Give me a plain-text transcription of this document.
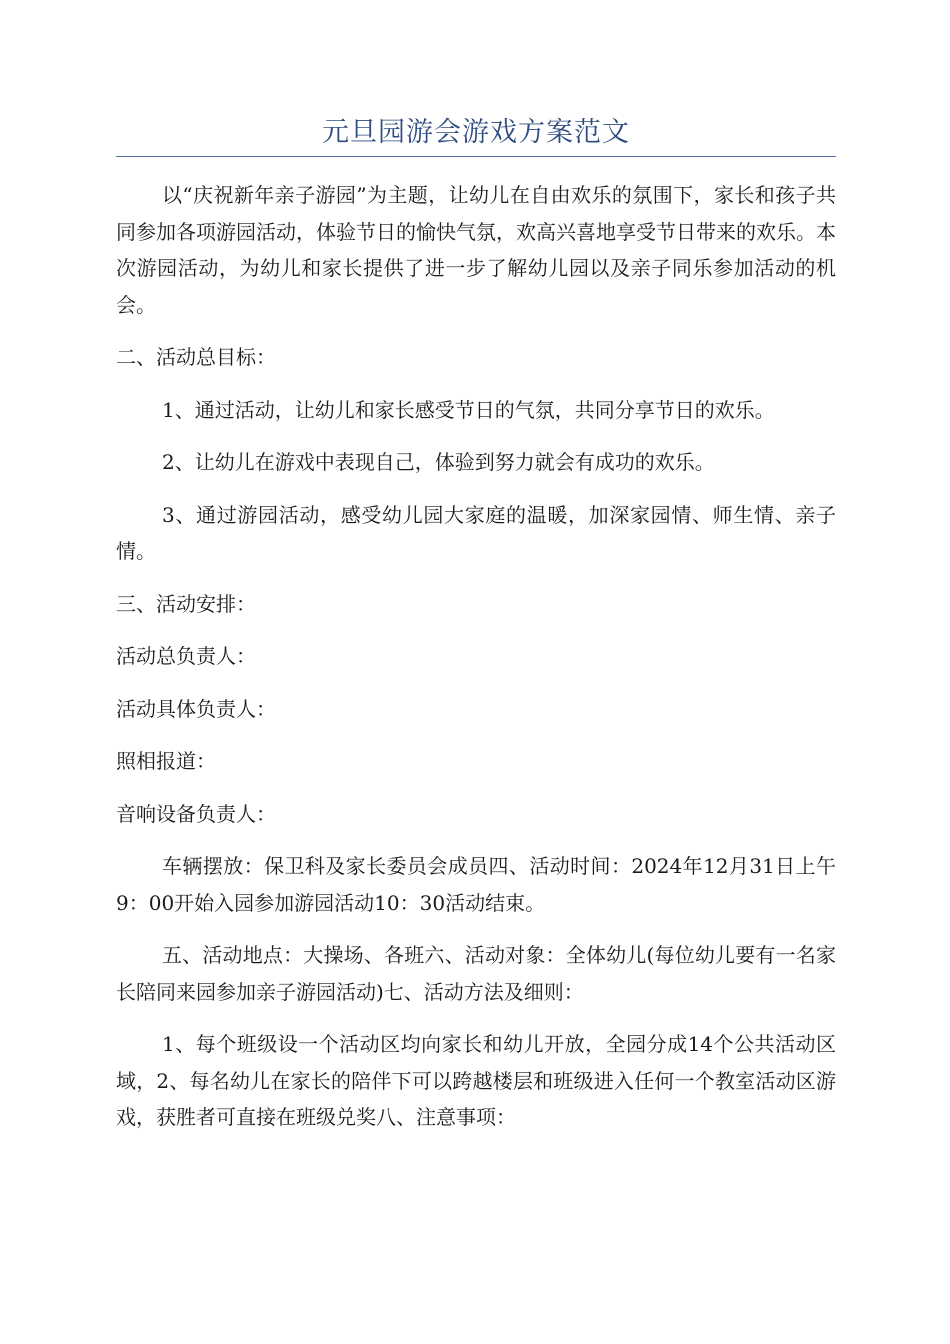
元旦园游会游戏方案范文

以“庆祝新年亲子游园”为主题，让幼儿在自由欢乐的氛围下，家长和孩子共同参加各项游园活动，体验节日的愉快气氛，欢高兴喜地享受节日带来的欢乐。本次游园活动，为幼儿和家长提供了进一步了解幼儿园以及亲子同乐参加活动的机会。

二、活动总目标：

1、通过活动，让幼儿和家长感受节日的气氛，共同分享节日的欢乐。

2、让幼儿在游戏中表现自己，体验到努力就会有成功的欢乐。

3、通过游园活动，感受幼儿园大家庭的温暖，加深家园情、师生情、亲子情。

三、活动安排：

活动总负责人：

活动具体负责人：

照相报道：

音响设备负责人：

车辆摆放：保卫科及家长委员会成员四、活动时间：2024年12月31日上午9：00开始入园参加游园活动10：30活动结束。

五、活动地点：大操场、各班六、活动对象：全体幼儿(每位幼儿要有一名家长陪同来园参加亲子游园活动)七、活动方法及细则：

1、每个班级设一个活动区均向家长和幼儿开放，全园分成14个公共活动区域，2、每名幼儿在家长的陪伴下可以跨越楼层和班级进入任何一个教室活动区游戏，获胜者可直接在班级兑奖八、注意事项：
